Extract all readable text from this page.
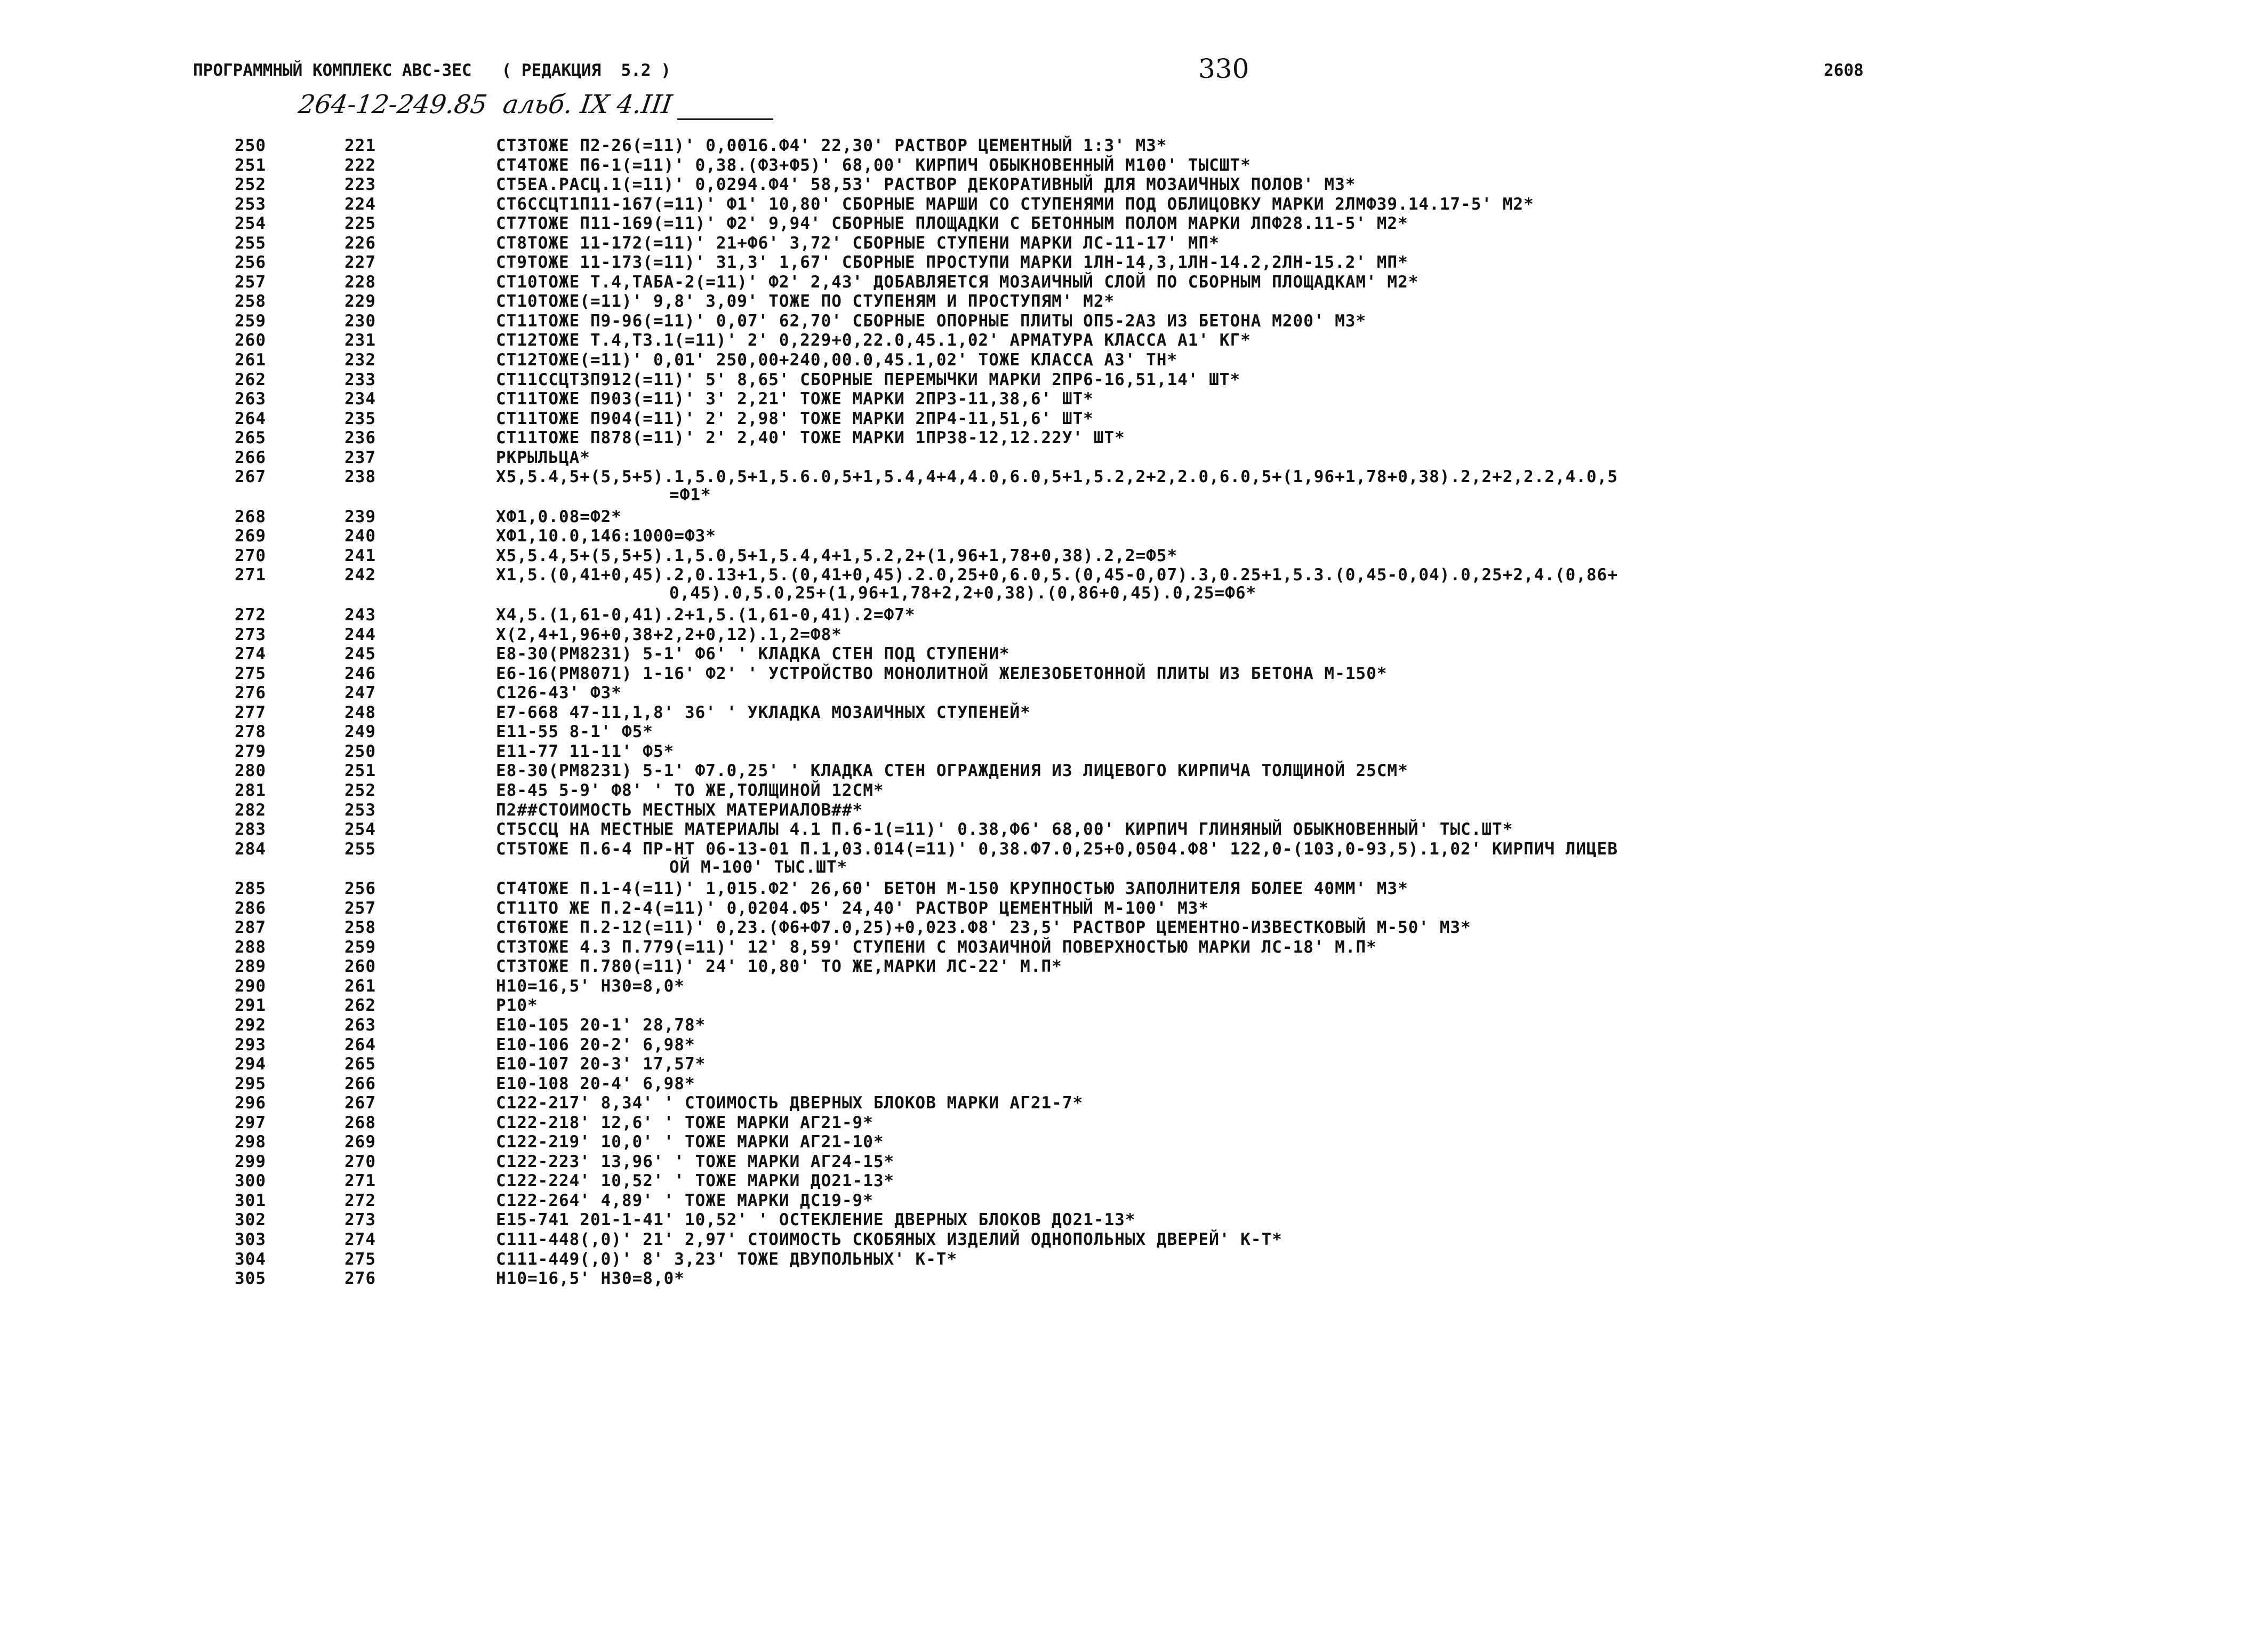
ПРОГРАММНЫЙ КОМПЛЕКС АВС-3ЕС   ( РЕДАКЦИЯ  5.2 )	330	2608
264-12-249.85  альб. IX 4.III
250	221	СТ3ТОЖЕ П2-26(=11)' 0,0016.Ф4' 22,30' РАСТВОР ЦЕМЕНТНЫЙ 1:3' М3*
251	222	СТ4ТОЖЕ П6-1(=11)' 0,38.(Ф3+Ф5)' 68,00' КИРПИЧ ОБЫКНОВЕННЫЙ М100' ТЫСШТ*
252	223	СТ5ЕА.РАСЦ.1(=11)' 0,0294.Ф4' 58,53' РАСТВОР ДЕКОРАТИВНЫЙ ДЛЯ МОЗАИЧНЫХ ПОЛОВ' М3*
253	224	СТ6ССЦТ1П11-167(=11)' Ф1' 10,80' СБОРНЫЕ МАРШИ СО СТУПЕНЯМИ ПОД ОБЛИЦОВКУ МАРКИ 2ЛМФ39.14.17-5' М2*
254	225	СТ7ТОЖЕ П11-169(=11)' Ф2' 9,94' СБОРНЫЕ ПЛОЩАДКИ С БЕТОННЫМ ПОЛОМ МАРКИ ЛПФ28.11-5' М2*
255	226	СТ8ТОЖЕ 11-172(=11)' 21+Ф6' 3,72' СБОРНЫЕ СТУПЕНИ МАРКИ ЛС-11-17' МП*
256	227	СТ9ТОЖЕ 11-173(=11)' 31,3' 1,67' СБОРНЫЕ ПРОСТУПИ МАРКИ 1ЛН-14,3,1ЛН-14.2,2ЛН-15.2' МП*
257	228	СТ10ТОЖЕ Т.4,ТАБА-2(=11)' Ф2' 2,43' ДОБАВЛЯЕТСЯ МОЗАИЧНЫЙ СЛОЙ ПО СБОРНЫМ ПЛОЩАДКАМ' М2*
258	229	СТ10ТОЖЕ(=11)' 9,8' 3,09' ТОЖЕ ПО СТУПЕНЯМ И ПРОСТУПЯМ' М2*
259	230	СТ11ТОЖЕ П9-96(=11)' 0,07' 62,70' СБОРНЫЕ ОПОРНЫЕ ПЛИТЫ ОП5-2А3 ИЗ БЕТОНА М200' М3*
260	231	СТ12ТОЖЕ Т.4,Т3.1(=11)' 2' 0,229+0,22.0,45.1,02' АРМАТУРА КЛАССА А1' КГ*
261	232	СТ12ТОЖЕ(=11)' 0,01' 250,00+240,00.0,45.1,02' ТОЖЕ КЛАССА А3' ТН*
262	233	СТ11ССЦТ3П912(=11)' 5' 8,65' СБОРНЫЕ ПЕРЕМЫЧКИ МАРКИ 2ПР6-16,51,14' ШТ*
263	234	СТ11ТОЖЕ П903(=11)' 3' 2,21' ТОЖЕ МАРКИ 2ПР3-11,38,6' ШТ*
264	235	СТ11ТОЖЕ П904(=11)' 2' 2,98' ТОЖЕ МАРКИ 2ПР4-11,51,6' ШТ*
265	236	СТ11ТОЖЕ П878(=11)' 2' 2,40' ТОЖЕ МАРКИ 1ПР38-12,12.22У' ШТ*
266	237	РКРЫЛЬЦА*
267	238	Х5,5.4,5+(5,5+5).1,5.0,5+1,5.6.0,5+1,5.4,4+4,4.0,6.0,5+1,5.2,2+2,2.0,6.0,5+(1,96+1,78+0,38).2,2+2,2.2,4.0,5
=Ф1*
268	239	ХФ1,0.08=Ф2*
269	240	ХФ1,10.0,146:1000=Ф3*
270	241	Х5,5.4,5+(5,5+5).1,5.0,5+1,5.4,4+1,5.2,2+(1,96+1,78+0,38).2,2=Ф5*
271	242	Х1,5.(0,41+0,45).2,0.13+1,5.(0,41+0,45).2.0,25+0,6.0,5.(0,45-0,07).3,0.25+1,5.3.(0,45-0,04).0,25+2,4.(0,86+
0,45).0,5.0,25+(1,96+1,78+2,2+0,38).(0,86+0,45).0,25=Ф6*
272	243	Х4,5.(1,61-0,41).2+1,5.(1,61-0,41).2=Ф7*
273	244	Х(2,4+1,96+0,38+2,2+0,12).1,2=Ф8*
274	245	Е8-30(РМ8231) 5-1' Ф6' ' КЛАДКА СТЕН ПОД СТУПЕНИ*
275	246	Е6-16(РМ8071) 1-16' Ф2' ' УСТРОЙСТВО МОНОЛИТНОЙ ЖЕЛЕЗОБЕТОННОЙ ПЛИТЫ ИЗ БЕТОНА М-150*
276	247	С126-43' Ф3*
277	248	Е7-668 47-11,1,8' 36' ' УКЛАДКА МОЗАИЧНЫХ СТУПЕНЕЙ*
278	249	Е11-55 8-1' Ф5*
279	250	Е11-77 11-11' Ф5*
280	251	Е8-30(РМ8231) 5-1' Ф7.0,25' ' КЛАДКА СТЕН ОГРАЖДЕНИЯ ИЗ ЛИЦЕВОГО КИРПИЧА ТОЛЩИНОЙ 25СМ*
281	252	Е8-45 5-9' Ф8' ' ТО ЖЕ,ТОЛЩИНОЙ 12СМ*
282	253	П2##СТОИМОСТЬ МЕСТНЫХ МАТЕРИАЛОВ##*
283	254	СТ5ССЦ НА МЕСТНЫЕ МАТЕРИАЛЫ 4.1 П.6-1(=11)' 0.38,Ф6' 68,00' КИРПИЧ ГЛИНЯНЫЙ ОБЫКНОВЕННЫЙ' ТЫС.ШТ*
284	255	СТ5ТОЖЕ П.6-4 ПР-НТ 06-13-01 П.1,03.014(=11)' 0,38.Ф7.0,25+0,0504.Ф8' 122,0-(103,0-93,5).1,02' КИРПИЧ ЛИЦЕВ
ОЙ М-100' ТЫС.ШТ*
285	256	СТ4ТОЖЕ П.1-4(=11)' 1,015.Ф2' 26,60' БЕТОН М-150 КРУПНОСТЬЮ ЗАПОЛНИТЕЛЯ БОЛЕЕ 40ММ' М3*
286	257	СТ11ТО ЖЕ П.2-4(=11)' 0,0204.Ф5' 24,40' РАСТВОР ЦЕМЕНТНЫЙ М-100' М3*
287	258	СТ6ТОЖЕ П.2-12(=11)' 0,23.(Ф6+Ф7.0,25)+0,023.Ф8' 23,5' РАСТВОР ЦЕМЕНТНО-ИЗВЕСТКОВЫЙ М-50' М3*
288	259	СТ3ТОЖЕ 4.3 П.779(=11)' 12' 8,59' СТУПЕНИ С МОЗАИЧНОЙ ПОВЕРХНОСТЬЮ МАРКИ ЛС-18' М.П*
289	260	СТ3ТОЖЕ П.780(=11)' 24' 10,80' ТО ЖЕ,МАРКИ ЛС-22' М.П*
290	261	Н10=16,5' Н30=8,0*
291	262	Р10*
292	263	Е10-105 20-1' 28,78*
293	264	Е10-106 20-2' 6,98*
294	265	Е10-107 20-3' 17,57*
295	266	Е10-108 20-4' 6,98*
296	267	С122-217' 8,34' ' СТОИМОСТЬ ДВЕРНЫХ БЛОКОВ МАРКИ АГ21-7*
297	268	С122-218' 12,6' ' ТОЖЕ МАРКИ АГ21-9*
298	269	С122-219' 10,0' ' ТОЖЕ МАРКИ АГ21-10*
299	270	С122-223' 13,96' ' ТОЖЕ МАРКИ АГ24-15*
300	271	С122-224' 10,52' ' ТОЖЕ МАРКИ ДО21-13*
301	272	С122-264' 4,89' ' ТОЖЕ МАРКИ ДС19-9*
302	273	Е15-741 201-1-41' 10,52' ' ОСТЕКЛЕНИЕ ДВЕРНЫХ БЛОКОВ ДО21-13*
303	274	С111-448(,0)' 21' 2,97' СТОИМОСТЬ СКОБЯНЫХ ИЗДЕЛИЙ ОДНОПОЛЬНЫХ ДВЕРЕЙ' К-Т*
304	275	С111-449(,0)' 8' 3,23' ТОЖЕ ДВУПОЛЬНЫХ' К-Т*
305	276	Н10=16,5' Н30=8,0*
